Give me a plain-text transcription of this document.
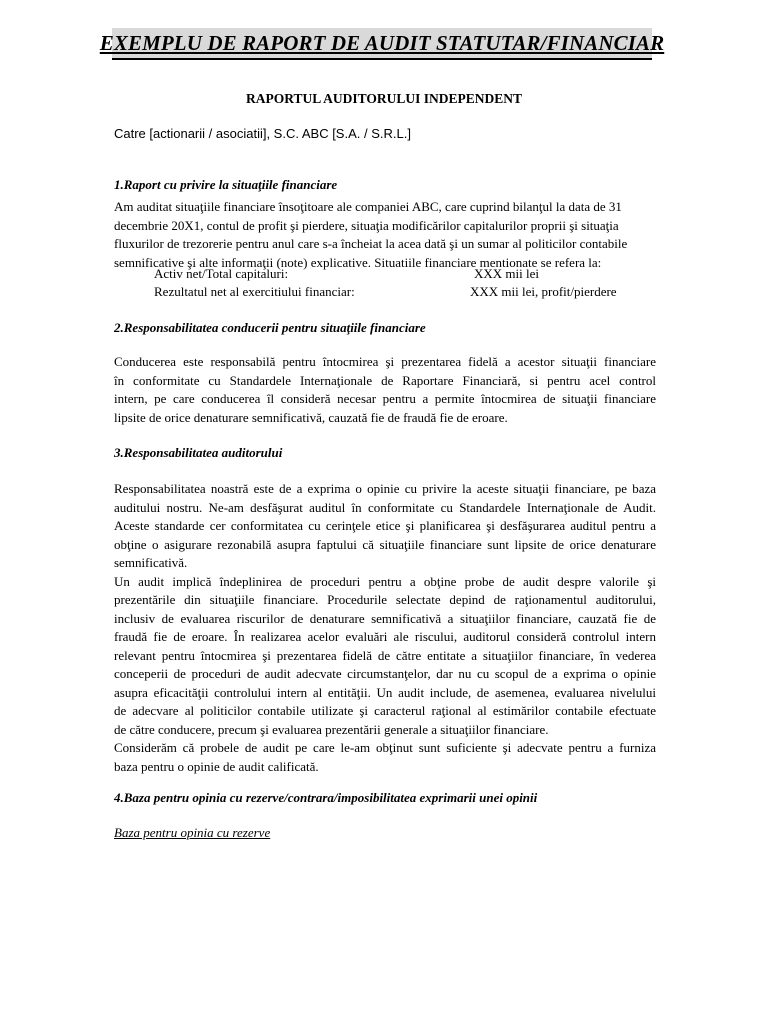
EXEMPLU DE RAPORT DE AUDIT STATUTAR/FINANCIAR
RAPORTUL AUDITORULUI INDEPENDENT
Catre [actionarii / asociatii], S.C. ABC [S.A. / S.R.L.]
1.Raport cu privire la situaţiile financiare
Am auditat situaţiile financiare însoţitoare ale companiei ABC, care cuprind bilanţul la data de 31
decembrie 20X1, contul de profit şi pierdere, situaţia modificărilor capitalurilor proprii şi situaţia
fluxurilor de trezorerie pentru anul care s-a încheiat la acea dată şi un sumar al politicilor contabile
semnificative şi alte informaţii (note) explicative. Situatiile financiare mentionate se refera la:
Activ net/Total capitaluri:	XXX mii lei
Rezultatul net al exercitiului financiar:	XXX mii lei, profit/pierdere
2.Responsabilitatea conducerii pentru situaţiile financiare
Conducerea este responsabilă pentru întocmirea şi prezentarea fidelă a acestor situaţii financiare
în conformitate cu Standardele Internaţionale de Raportare Financiară, si pentru acel control
intern, pe care conducerea îl consideră necesar pentru a permite întocmirea de situaţii financiare
lipsite de orice denaturare semnificativă, cauzată fie de fraudă fie de eroare.
3.Responsabilitatea auditorului
Responsabilitatea noastră este de a exprima o opinie cu privire la aceste situaţii financiare, pe baza
auditului nostru. Ne-am desfăşurat auditul în conformitate cu Standardele Internaţionale de Audit.
Aceste standarde cer conformitatea cu cerinţele etice şi planificarea şi desfăşurarea auditul pentru a
obţine o asigurare rezonabilă asupra faptului că situaţiile financiare sunt lipsite de orice denaturare
semnificativă.
Un audit implică îndeplinirea de proceduri pentru a obţine probe de audit despre valorile şi
prezentările din situaţiile financiare. Procedurile selectate depind de raţionamentul auditorului,
inclusiv de evaluarea riscurilor de denaturare semnificativă a situaţiilor financiare, cauzată fie de
fraudă fie de eroare. În realizarea acelor evaluări ale riscului, auditorul consideră controlul intern
relevant pentru întocmirea şi prezentarea fidelă de către entitate a situaţiilor financiare, în vederea
conceperii de proceduri de audit adecvate circumstanţelor, dar nu cu scopul de a exprima o opinie
asupra eficacităţii controlului intern al entităţii. Un audit include, de asemenea, evaluarea nivelului
de adecvare al politicilor contabile utilizate şi caracterul raţional al estimărilor contabile efectuate
de către conducere, precum şi evaluarea prezentării generale a situaţiilor financiare.
Considerăm că probele de audit pe care le-am obţinut sunt suficiente şi adecvate pentru a furniza
baza pentru o opinie de audit calificată.
4.Baza pentru opinia cu rezerve/contrara/imposibilitatea exprimarii unei opinii
Baza pentru opinia cu rezerve
